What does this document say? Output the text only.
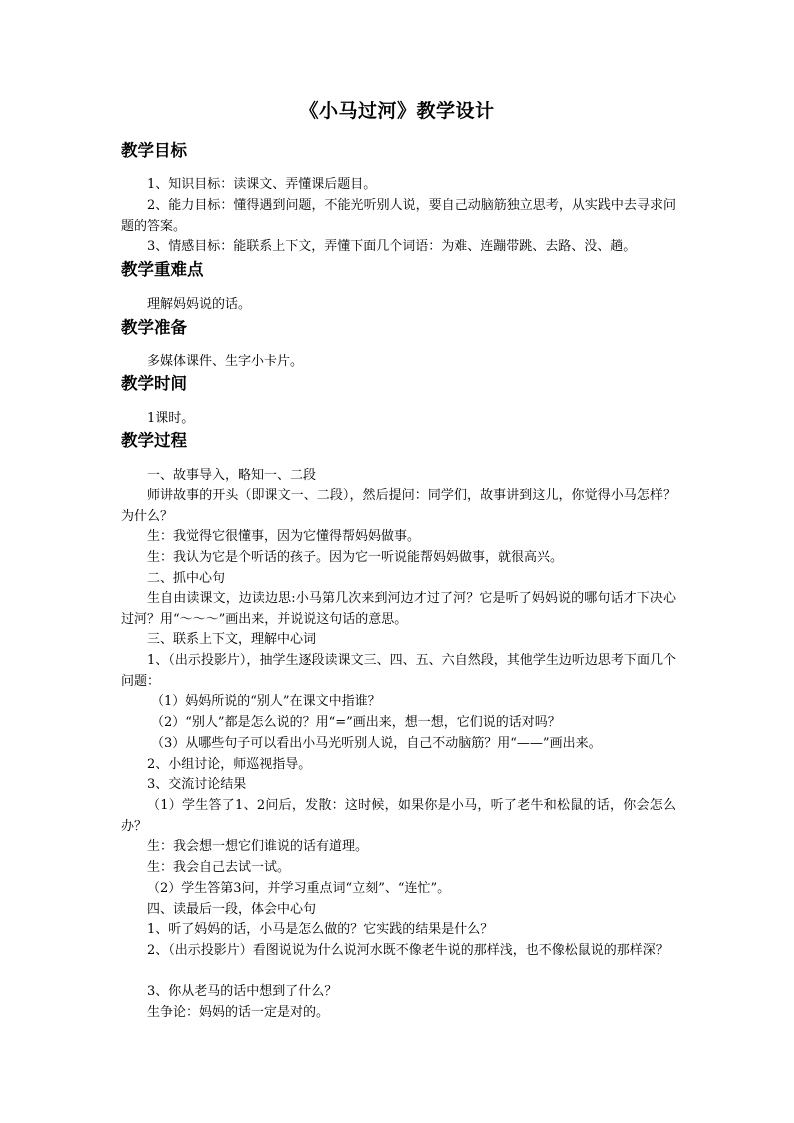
《小马过河》教学设计
教学目标
1、知识目标：读课文、弄懂课后题目。
2、能力目标：懂得遇到问题，不能光听别人说，要自己动脑筋独立思考，从实践中去寻求问题的答案。
3、情感目标：能联系上下文，弄懂下面几个词语：为难、连蹦带跳、去路、没、趟。
教学重难点
理解妈妈说的话。
教学准备
多媒体课件、生字小卡片。
教学时间
1课时。
教学过程
一、故事导入，略知一、二段
师讲故事的开头（即课文一、二段），然后提问：同学们，故事讲到这儿，你觉得小马怎样？为什么？
生：我觉得它很懂事，因为它懂得帮妈妈做事。
生：我认为它是个听话的孩子。因为它一听说能帮妈妈做事，就很高兴。
二、抓中心句
生自由读课文，边读边思:小马第几次来到河边才过了河？它是听了妈妈说的哪句话才下决心过河？用“～～～”画出来，并说说这句话的意思。
三、联系上下文，理解中心词
1、（出示投影片），抽学生逐段读课文三、四、五、六自然段，其他学生边听边思考下面几个问题：
（1）妈妈所说的“别人”在课文中指谁？
（2）“别人”都是怎么说的？用“=”画出来，想一想，它们说的话对吗？
（3）从哪些句子可以看出小马光听别人说，自己不动脑筋？用“——”画出来。
2、小组讨论，师巡视指导。
3、交流讨论结果
（1）学生答了1、2问后，发散：这时候，如果你是小马，听了老牛和松鼠的话，你会怎么办？
生：我会想一想它们谁说的话有道理。
生：我会自己去试一试。
（2）学生答第3问，并学习重点词“立刻”、“连忙”。
四、读最后一段，体会中心句
1、听了妈妈的话，小马是怎么做的？它实践的结果是什么？
2、（出示投影片）看图说说为什么说河水既不像老牛说的那样浅，也不像松鼠说的那样深？
3、你从老马的话中想到了什么？
生争论：妈妈的话一定是对的。
